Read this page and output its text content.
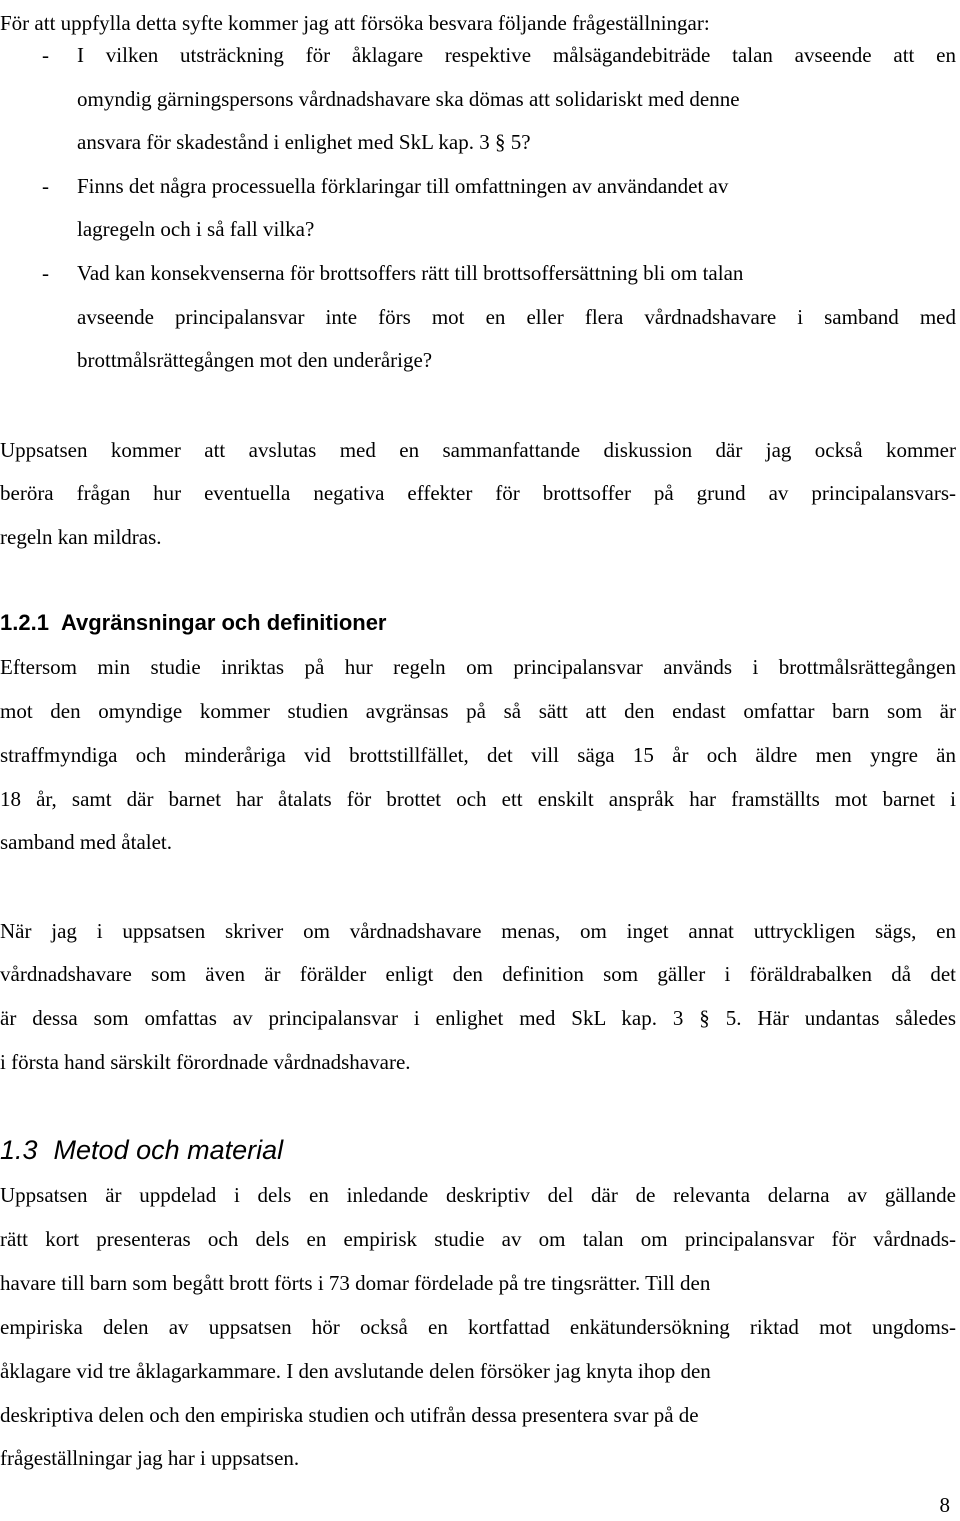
För att uppfylla detta syfte kommer jag att försöka besvara följande frågeställningar:

- I vilken utsträckning för åklagare respektive målsägandebiträde talan avseende att en
omyndig gärningspersons vårdnadshavare ska dömas att solidariskt med denne
ansvara för skadestånd i enlighet med SkL kap. 3 § 5?
- Finns det några processuella förklaringar till omfattningen av användandet av
lagregeln och i så fall vilka?
- Vad kan konsekvenserna för brottsoffers rätt till brottsoffersättning bli om talan
avseende principalansvar inte förs mot en eller flera vårdnadshavare i samband med
brottmålsrättegången mot den underårige?

Uppsatsen kommer att avslutas med en sammanfattande diskussion där jag också kommer

beröra frågan hur eventuella negativa effekter för brottsoffer på grund av principalansvars-

regeln kan mildras.

1.2.1 Avgränsningar och definitioner

Eftersom min studie inriktas på hur regeln om principalansvar används i brottmålsrättegången

mot den omyndige kommer studien avgränsas på så sätt att den endast omfattar barn som är

straffmyndiga och minderåriga vid brottstillfället, det vill säga 15 år och äldre men yngre än

18 år, samt där barnet har åtalats för brottet och ett enskilt anspråk har framställts mot barnet i

samband med åtalet.

När jag i uppsatsen skriver om vårdnadshavare menas, om inget annat uttryckligen sägs, en

vårdnadshavare som även är förälder enligt den definition som gäller i föräldrabalken då det

är dessa som omfattas av principalansvar i enlighet med SkL kap. 3 § 5. Här undantas således

i första hand särskilt förordnade vårdnadshavare.

1.3 Metod och material

Uppsatsen är uppdelad i dels en inledande deskriptiv del där de relevanta delarna av gällande

rätt kort presenteras och dels en empirisk studie av om talan om principalansvar för vårdnads-

havare till barn som begått brott förts i 73 domar fördelade på tre tingsrätter. Till den

empiriska delen av uppsatsen hör också en kortfattad enkätundersökning riktad mot ungdoms-

åklagare vid tre åklagarkammare. I den avslutande delen försöker jag knyta ihop den

deskriptiva delen och den empiriska studien och utifrån dessa presentera svar på de

frågeställningar jag har i uppsatsen.

8
